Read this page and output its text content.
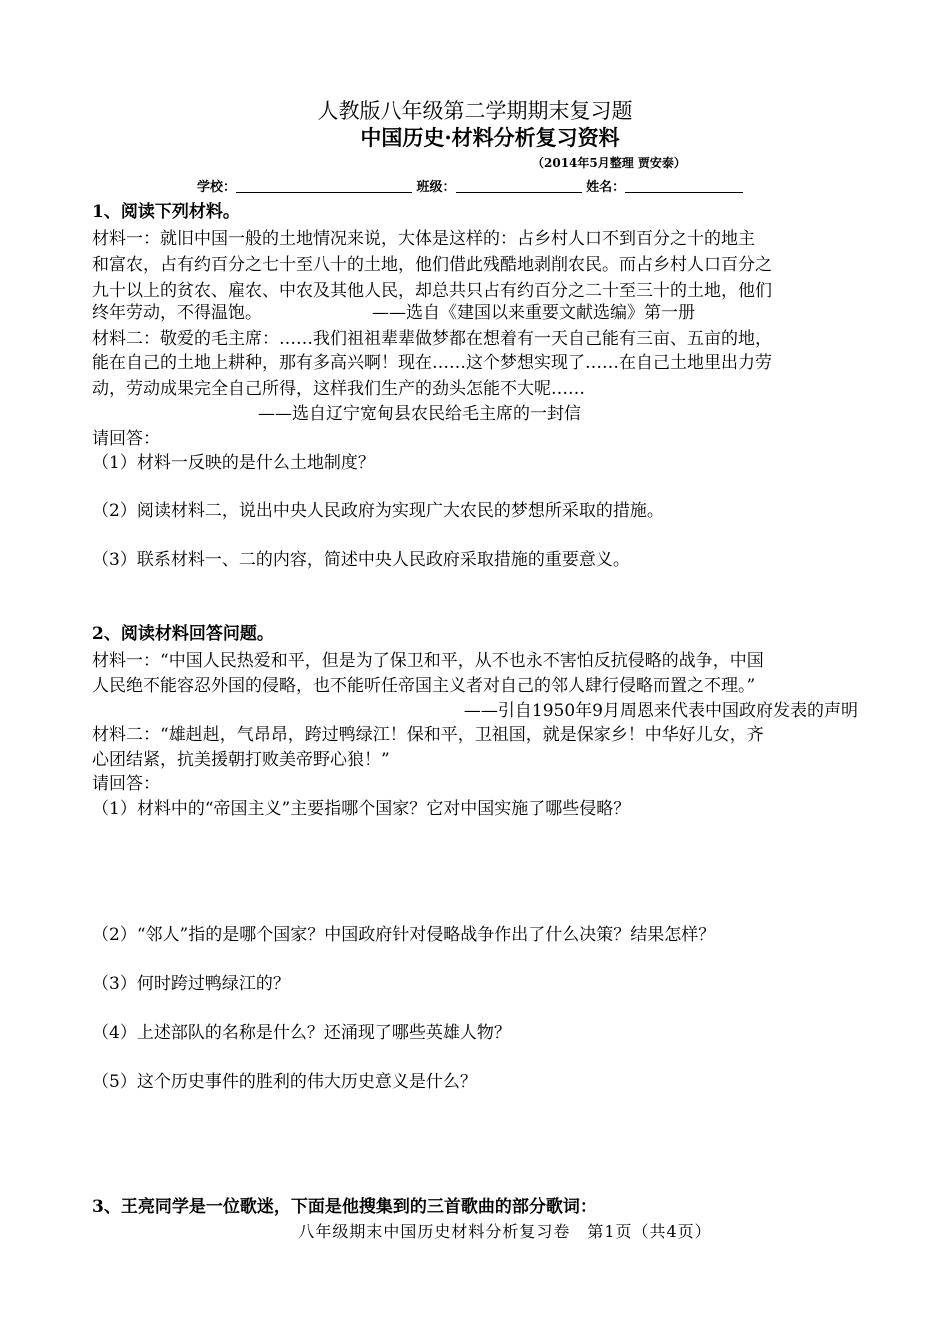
人教版八年级第二学期期末复习题
中国历史·材料分析复习资料
（2014年5月整理 贾安泰）
学校：	班级：	姓名：
1、阅读下列材料。
材料一：就旧中国一般的土地情况来说，大体是这样的：占乡村人口不到百分之十的地主
和富农，占有约百分之七十至八十的土地，他们借此残酷地剥削农民。而占乡村人口百分之
九十以上的贫农、雇农、中农及其他人民，却总共只占有约百分之二十至三十的土地，他们
终年劳动，不得温饱。	——选自《建国以来重要文献选编》第一册
材料二：敬爱的毛主席：……我们祖祖辈辈做梦都在想着有一天自己能有三亩、五亩的地，
能在自己的土地上耕种，那有多高兴啊！现在……这个梦想实现了……在自己土地里出力劳
动，劳动成果完全自己所得，这样我们生产的劲头怎能不大呢……
——选自辽宁宽甸县农民给毛主席的一封信
请回答：
（1）材料一反映的是什么土地制度？
（2）阅读材料二，说出中央人民政府为实现广大农民的梦想所采取的措施。
（3）联系材料一、二的内容，简述中央人民政府采取措施的重要意义。
2、阅读材料回答问题。
材料一：“中国人民热爱和平，但是为了保卫和平，从不也永不害怕反抗侵略的战争，中国
人民绝不能容忍外国的侵略，也不能听任帝国主义者对自己的邻人肆行侵略而置之不理。”
——引自1950年9月周恩来代表中国政府发表的声明
材料二：“雄赳赳，气昂昂，跨过鸭绿江！保和平，卫祖国，就是保家乡！中华好儿女，齐
心团结紧，抗美援朝打败美帝野心狼！”
请回答：
（1）材料中的“帝国主义”主要指哪个国家？它对中国实施了哪些侵略？
（2）“邻人”指的是哪个国家？中国政府针对侵略战争作出了什么决策？结果怎样？
（3）何时跨过鸭绿江的？
（4）上述部队的名称是什么？还涌现了哪些英雄人物？
（5）这个历史事件的胜利的伟大历史意义是什么？
3、王亮同学是一位歌迷，下面是他搜集到的三首歌曲的部分歌词：
八年级期末中国历史材料分析复习卷　第1页（共4页）
